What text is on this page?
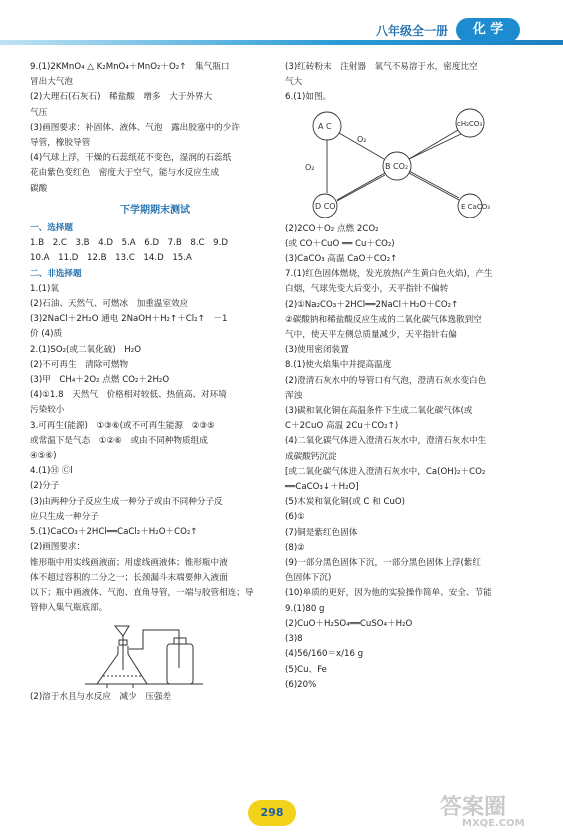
八年级全一册	化 学
9.(1)2KMnO₄ △ K₂MnO₄＋MnO₂＋O₂↑　集气瓶口
冒出大气泡
(2)大理石(石灰石)　稀盐酸　增多　大于外界大
气压
(3)画图要求：补固体、液体、气泡　露出胶塞中的少许
导管，橡胶导管
(4)气球上浮，干燥的石蕊纸花不变色，湿润的石蕊纸
花由紫色变红色　密度大于空气，能与水反应生成
碳酸
下学期期末测试
一、选择题
1.B　2.C　3.B　4.D　5.A　6.D　7.B　8.C　9.D
10.A　11.D　12.B　13.C　14.D　15.A
二、非选择题
1.(1)氧
(2)石油、天然气、可燃冰　加重温室效应
(3)2NaCl＋2H₂O 通电 2NaOH＋H₂↑＋Cl₂↑　－1
价 (4)质
2.(1)SO₂(或二氧化硫)　H₂O
(2)不可再生　清除可燃物
(3)甲　CH₄＋2O₂ 点燃 CO₂＋2H₂O
(4)①1.8　天然气　价格相对较低、热值高、对环境
污染较小
3.可再生(能源)　①③⑥(或不可再生能源　②③⑤
或常温下是气态　①②⑥　或由不同种物质组成
④⑤⑥)
4.(1)Ⓗ Ⓒl
(2)分子
(3)由两种分子反应生成一种分子或由不同种分子反
应只生成一种分子
5.(1)CaCO₃＋2HCl══CaCl₂＋H₂O＋CO₂↑
(2)画图要求：
锥形瓶中用实线画液面；用虚线画液体；锥形瓶中液
体不超过容积的二分之一；长颈漏斗末端要伸入液面
以下；瓶中画液体、气泡、直角导管，一端与胶管相连；导
管伸入集气瓶底部。
(2)溶于水且与水反应　减少　压强差
(3)红砖粉末　注射器　氧气不易溶于水，密度比空
气大
6.(1)如图。
A C
B CO₂
cH₂CO₃
D CO	E CaCO₃
O₂
O₂
(2)2CO＋O₂ 点燃 2CO₂
(或 CO＋CuO ══ Cu＋CO₂)
(3)CaCO₃ 高温 CaO＋CO₂↑
7.(1)红色固体燃烧，发光放热(产生黄白色火焰)，产生
白烟，气球先变大后变小，天平指针不偏转
(2)①Na₂CO₃＋2HCl══2NaCl＋H₂O＋CO₂↑
②碳酸钠和稀盐酸反应生成的二氧化碳气体逸散到空
气中，使天平左侧总质量减少，天平指针右偏
(3)使用密闭装置
8.(1)使火焰集中并提高温度
(2)澄清石灰水中的导管口有气泡，澄清石灰水变白色
浑浊
(3)碳和氧化铜在高温条件下生成二氧化碳气体(或
C＋2CuO 高温 2Cu＋CO₂↑)
(4)二氧化碳气体进入澄清石灰水中，澄清石灰水中生
成碳酸钙沉淀
[或二氧化碳气体进入澄清石灰水中，Ca(OH)₂＋CO₂
══CaCO₃↓＋H₂O]
(5)木炭和氧化铜(或 C 和 CuO)
(6)①
(7)铜是紫红色固体
(8)②
(9)一部分黑色固体下沉，一部分黑色固体上浮(紫红
色固体下沉)
(10)单质的更好，因为他的实验操作简单、安全、节能
9.(1)80 g
(2)CuO＋H₂SO₄══CuSO₄＋H₂O
(3)8
(4)56/160＝x/16 g
(5)Cu、Fe
(6)20%
298	答案圈
MXQE.COM
